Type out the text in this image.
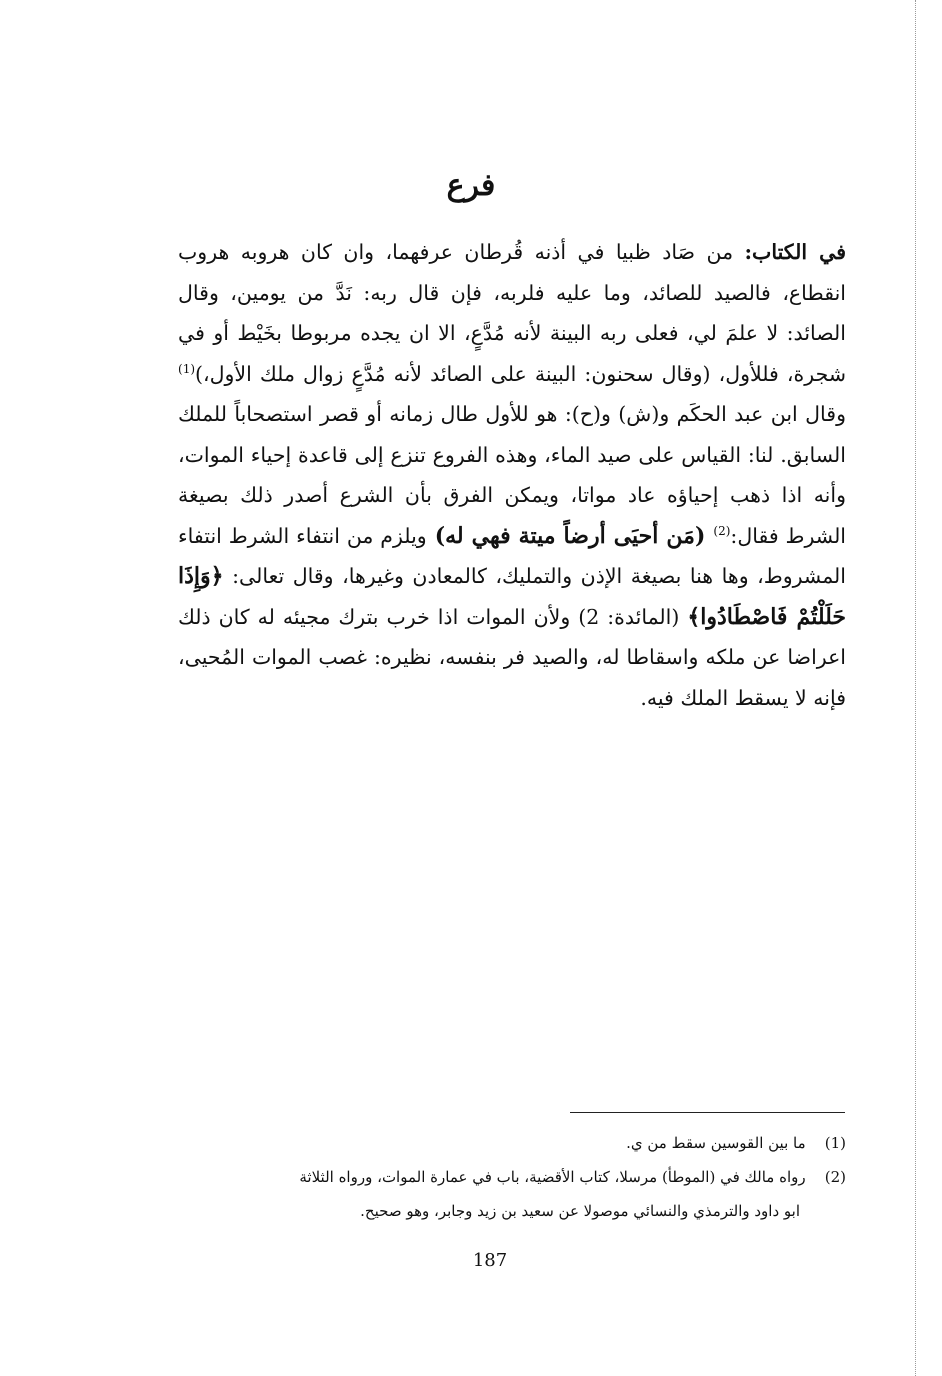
فرع

في الكتاب: من صَاد ظبيا في أذنه قُرطان عرفهما، وان كان هروبه هروب انقطاع، فالصيد للصائد، وما عليه فلربه، فإن قال ربه: نَدَّ من يومين، وقال الصائد: لا علمَ لي، فعلى ربه البينة لأنه مُدَّعٍ، الا ان يجده مربوطا بخَيْط أو في شجرة، فللأول، (وقال سحنون: البينة على الصائد لأنه مُدَّعٍ زوال ملك الأول،)$^{(1)}$ وقال ابن عبد الحكَم و(ش) و(ح): هو للأول طال زمانه أو قصر استصحاباً للملك السابق. لنا: القياس على صيد الماء، وهذه الفروع تنزع إلى قاعدة إحياء الموات، وأنه اذا ذهب إحياؤه عاد مواتا، ويمكن الفرق بأن الشرع أصدر ذلك بصيغة الشرط فقال:$^{(2)}$ (مَن أحيَى أرضاً ميتة فهي له) ويلزم من انتفاء الشرط انتفاء المشروط، وها هنا بصيغة الإذن والتمليك، كالمعادن وغيرها، وقال تعالى: ﴿وَإِذَا حَلَلْتُمْ فَاصْطَادُوا﴾ (المائدة: 2) ولأن الموات اذا خرب بترك مجيئه له كان ذلك اعراضا عن ملكه واسقاطا له، والصيد فر بنفسه، نظيره: غصب الموات المُحيى، فإنه لا يسقط الملك فيه.

(1)    ما بين القوسين سقط من ي.

(2)    رواه مالك في (الموطأ) مرسلا، كتاب الأقضية، باب في عمارة الموات، ورواه الثلاثة

ابو داود والترمذي والنسائي موصولا عن سعيد بن زيد وجابر، وهو صحيح.

187
